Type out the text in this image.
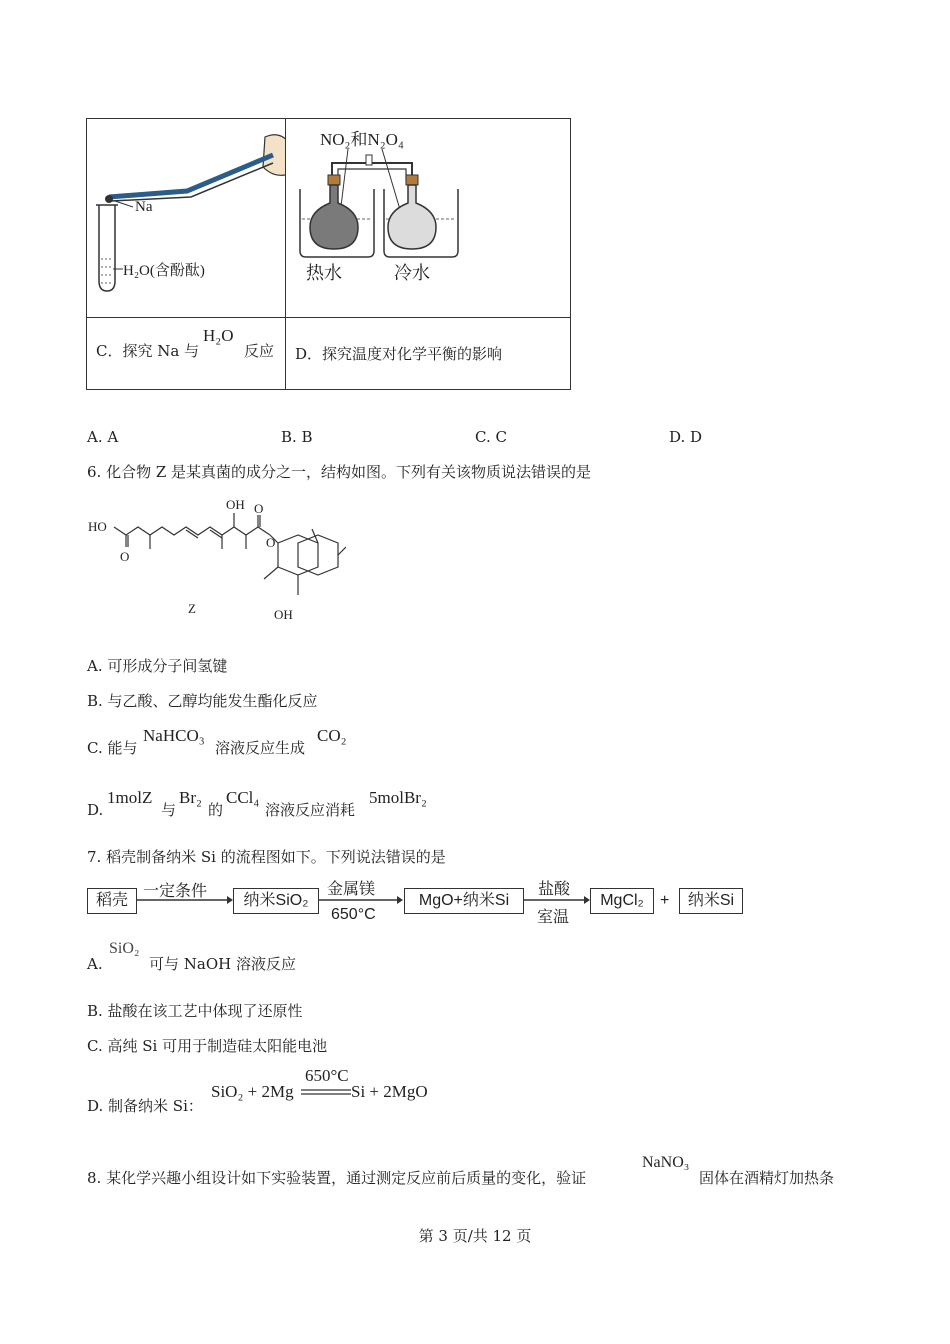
Na
H₂O(含酚酞)	NO₂和N₂O₄
热水 冷水

C．探究 Na 与
H₂O
反应	D．探究温度对化学平衡的影响
A. A	B. B	C. C	D. D
6. 化合物 Z 是某真菌的成分之一，结构如图。下列有关该物质说法错误的是
HO
O
OH O
O
Z	OH
A. 可形成分子间氢键
B. 与乙酸、乙醇均能发生酯化反应
C. 能与
NaHCO₃
溶液反应生成
CO₂
D.
1molZ
与
Br₂
的
CCl₄
溶液反应消耗
5molBr₂
7. 稻壳制备纳米 Si 的流程图如下。下列说法错误的是
稻壳
一定条件
纳米SiO₂
金属镁
650°C
MgO+纳米Si
盐酸
室温
MgCl₂	+	纳米Si
A.
SiO₂
可与 NaOH 溶液反应
B. 盐酸在该工艺中体现了还原性
C. 高纯 Si 可用于制造硅太阳能电池
D. 制备纳米 Si：
SiO₂ + 2Mg
650°C
Si + 2MgO
8. 某化学兴趣小组设计如下实验装置，通过测定反应前后质量的变化，验证
NaNO₃
固体在酒精灯加热条
第 3 页/共 12 页
